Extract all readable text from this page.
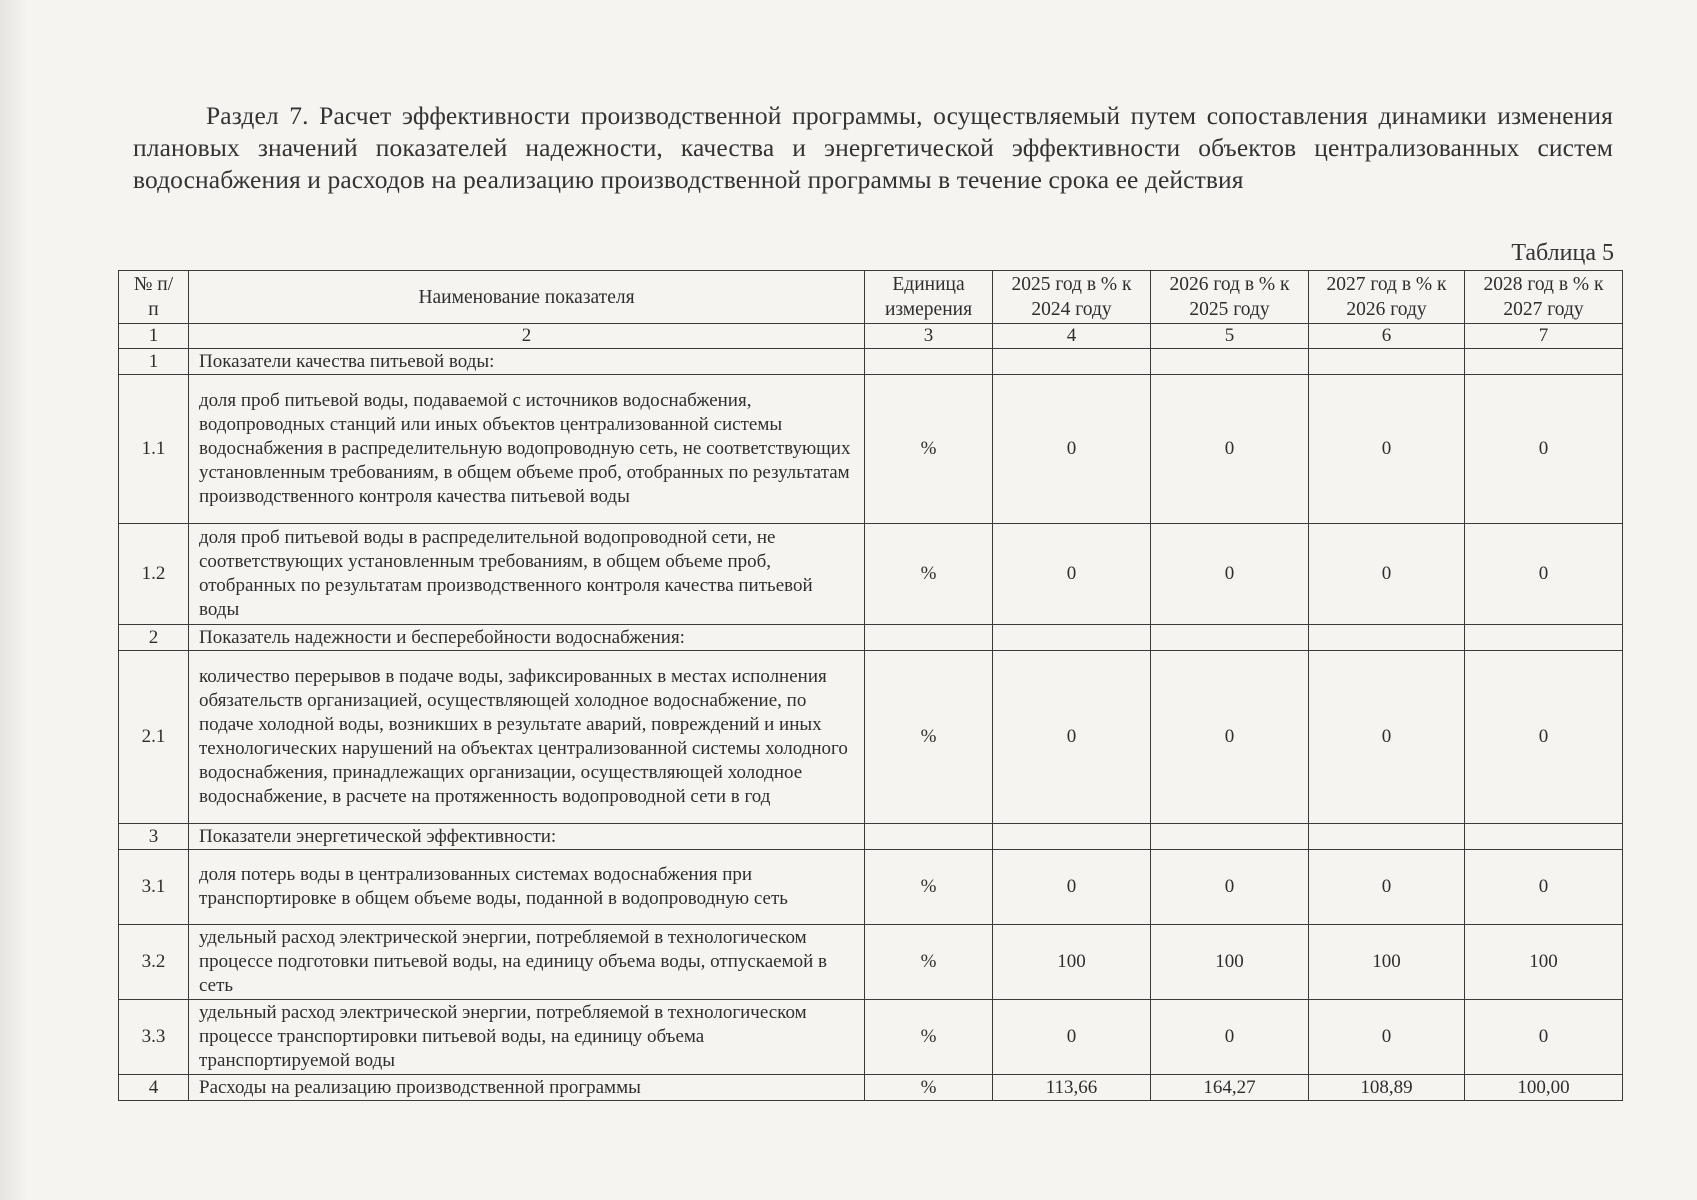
Раздел 7. Расчет эффективности производственной программы, осуществляемый путем сопоставления динамики изменения плановых значений показателей надежности, качества и энергетической эффективности объектов централизованных систем водоснабжения и расходов на реализацию производственной программы в течение срока ее действия
Таблица 5
№ п/п	Наименование показателя	Единица измерения	2025 год в % к 2024 году	2026 год в % к 2025 году	2027 год в % к 2026 году	2028 год в % к 2027 году
1	2	3	4	5	6	7
1	Показатели качества питьевой воды:					
1.1	доля проб питьевой воды, подаваемой с источников водоснабжения, водопроводных станций или иных объектов централизованной системы водоснабжения в распределительную водопроводную сеть, не соответствующих установленным требованиям, в общем объеме проб, отобранных по результатам производственного контроля качества питьевой воды	%	0	0	0	0
1.2	доля проб питьевой воды в распределительной водопроводной сети, не соответствующих установленным требованиям, в общем объеме проб, отобранных по результатам производственного контроля качества питьевой воды	%	0	0	0	0
2	Показатель надежности и бесперебойности водоснабжения:					
2.1	количество перерывов в подаче воды, зафиксированных в местах исполнения обязательств организацией, осуществляющей холодное водоснабжение, по подаче холодной воды, возникших в результате аварий, повреждений и иных технологических нарушений на объектах централизованной системы холодного водоснабжения, принадлежащих организации, осуществляющей холодное водоснабжение, в расчете на протяженность водопроводной сети в год	%	0	0	0	0
3	Показатели энергетической эффективности:					
3.1	доля потерь воды в централизованных системах водоснабжения при транспортировке в общем объеме воды, поданной в водопроводную сеть	%	0	0	0	0
3.2	удельный расход электрической энергии, потребляемой в технологическом процессе подготовки питьевой воды, на единицу объема воды, отпускаемой в сеть	%	100	100	100	100
3.3	удельный расход электрической энергии, потребляемой в технологическом процессе транспортировки питьевой воды, на единицу объема транспортируемой воды	%	0	0	0	0
4	Расходы на реализацию производственной программы	%	113,66	164,27	108,89	100,00
